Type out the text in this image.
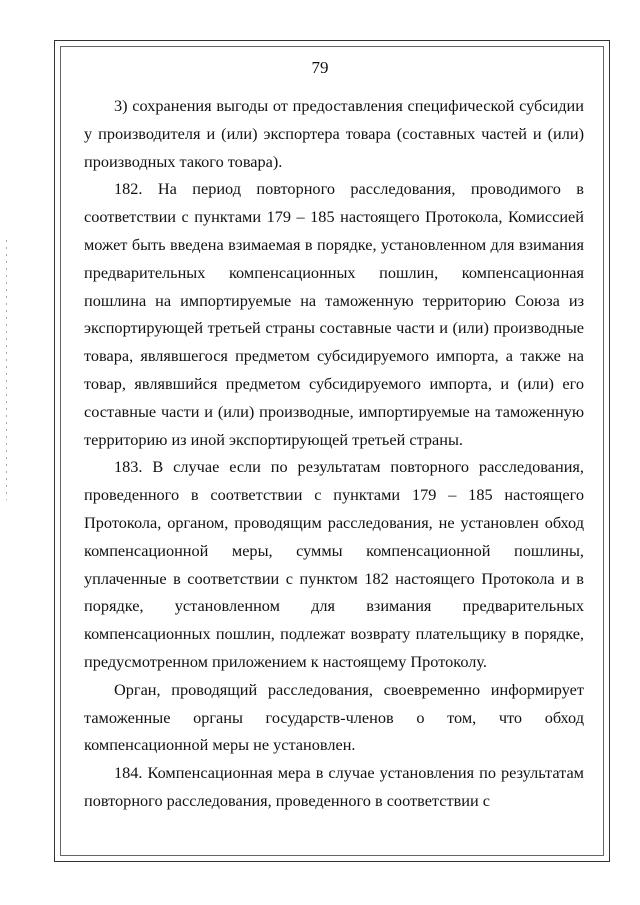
79

3) сохранения выгоды от предоставления специфической субсидии у производителя и (или) экспортера товара (составных частей и (или) производных такого товара).

182. На период повторного расследования, проводимого в соответствии с пунктами 179 – 185 настоящего Протокола, Комиссией может быть введена взимаемая в порядке, установленном для взимания предварительных компенсационных пошлин, компенсационная пошлина на импортируемые на таможенную территорию Союза из экспортирующей третьей страны составные части и (или) производные товара, являвшегося предметом субсидируемого импорта, а также на товар, являвшийся предметом субсидируемого импорта, и (или) его составные части и (или) производные, импортируемые на таможенную территорию из иной экспортирующей третьей страны.

183. В случае если по результатам повторного расследования, проведенного в соответствии с пунктами 179 – 185 настоящего Протокола, органом, проводящим расследования, не установлен обход компенсационной меры, суммы компенсационной пошлины, уплаченные в соответствии с пунктом 182 настоящего Протокола и в порядке, установленном для взимания предварительных компенсационных пошлин, подлежат возврату плательщику в порядке, предусмотренном приложением к настоящему Протоколу.

Орган, проводящий расследования, своевременно информирует таможенные органы государств-членов о том, что обход компенсационной меры не установлен.

184. Компенсационная мера в случае установления по результатам повторного расследования, проведенного в соответствии с
